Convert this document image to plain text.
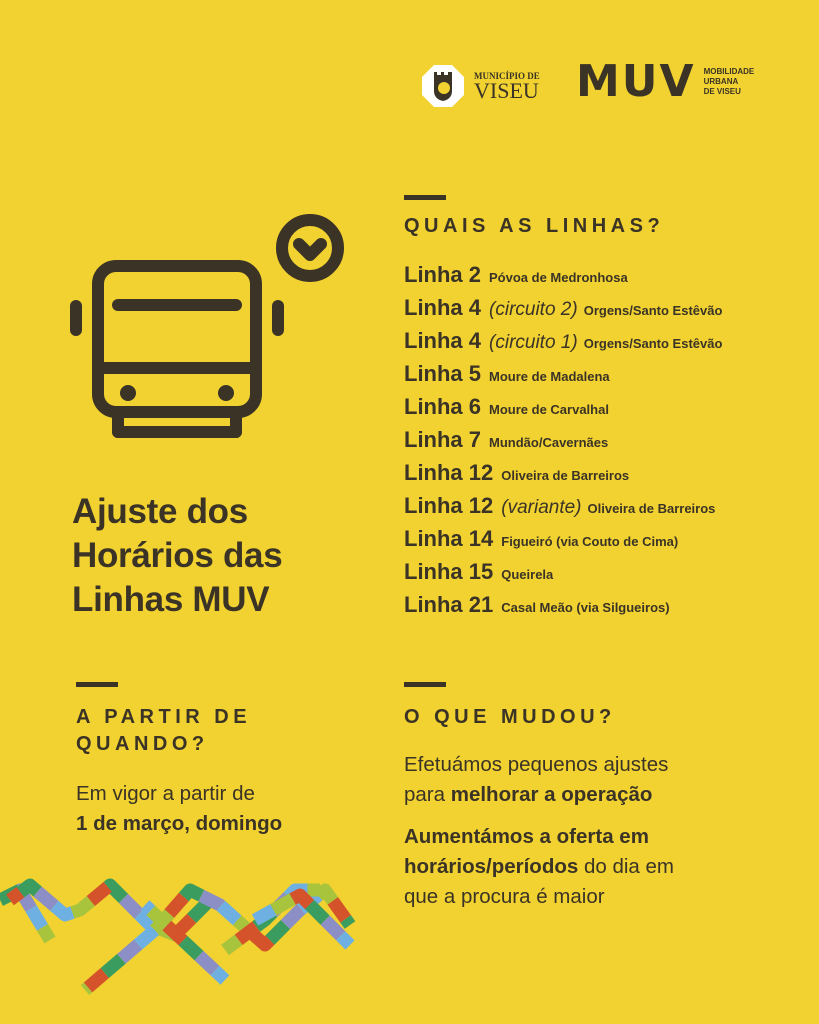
MUNICÍPIO DE
VISEU MUV MOBILIDADE
URBANA
DE VISEU
Ajuste dos
Horários das
Linhas MUV
QUAIS AS LINHAS?
Linha 2 Póvoa de Medronhosa
Linha 4 (circuito 2) Orgens/Santo Estêvão
Linha 4 (circuito 1) Orgens/Santo Estêvão
Linha 5 Moure de Madalena
Linha 6 Moure de Carvalhal
Linha 7 Mundão/Cavernães
Linha 12 Oliveira de Barreiros
Linha 12 (variante) Oliveira de Barreiros
Linha 14 Figueiró (via Couto de Cima)
Linha 15 Queirela
Linha 21 Casal Meão (via Silgueiros)
A PARTIR DE
QUANDO?
Em vigor a partir de
1 de março, domingo
O QUE MUDOU?
Efetuámos pequenos ajustes
para melhorar a operação
Aumentámos a oferta em
horários/períodos do dia em
que a procura é maior
